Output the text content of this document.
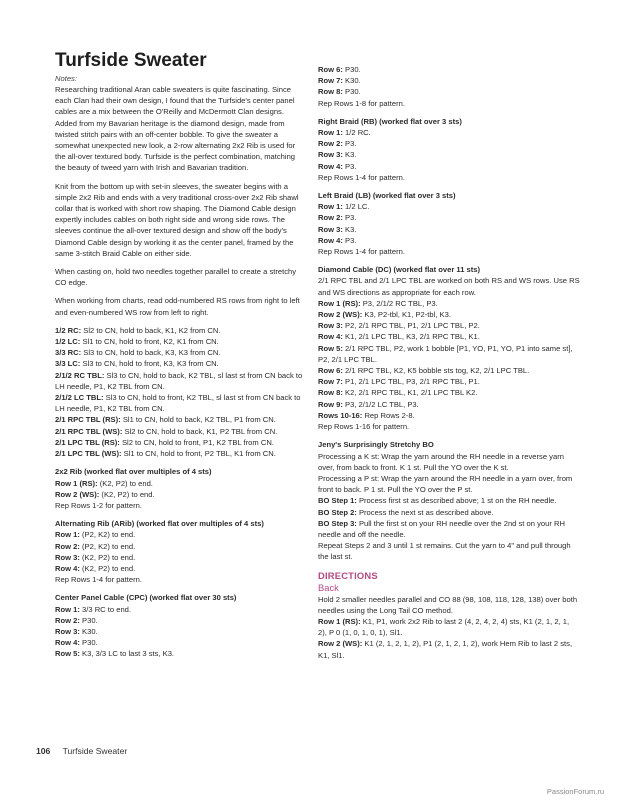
Turfside Sweater
Notes:

Researching traditional Aran cable sweaters is quite fascinating. Since each Clan had their own design, I found that the Turfside's center panel cables are a mix between the O'Reilly and McDermott Clan designs. Added from my Bavarian heritage is the diamond design, made from twisted stitch pairs with an off-center bobble. To give the sweater a somewhat unexpected new look, a 2-row alternating 2x2 Rib is used for the all-over textured body. Turfside is the perfect combination, matching the beauty of tweed yarn with Irish and Bavarian tradition.

Knit from the bottom up with set-in sleeves, the sweater begins with a simple 2x2 Rib and ends with a very traditional cross-over 2x2 Rib shawl collar that is worked with short row shaping. The Diamond Cable design expertly includes cables on both right side and wrong side rows. The sleeves continue the all-over textured design and show off the body's Diamond Cable design by working it as the center panel, framed by the same 3-stitch Braid Cable on either side.

When casting on, hold two needles together parallel to create a stretchy CO edge.

When working from charts, read odd-numbered RS rows from right to left and even-numbered WS row from left to right.

1/2 RC: Sl2 to CN, hold to back, K1, K2 from CN.
1/2 LC: Sl1 to CN, hold to front, K2, K1 from CN.
3/3 RC: Sl3 to CN, hold to back, K3, K3 from CN.
3/3 LC: Sl3 to CN, hold to front, K3, K3 from CN.
2/1/2 RC TBL: Sl3 to CN, hold to back, K2 TBL, sl last st from CN back to LH needle, P1, K2 TBL from CN.
2/1/2 LC TBL: Sl3 to CN, hold to front, K2 TBL, sl last st from CN back to LH needle, P1, K2 TBL from CN.
2/1 RPC TBL (RS): Sl1 to CN, hold to back, K2 TBL, P1 from CN.
2/1 RPC TBL (WS): Sl2 to CN, hold to back, K1, P2 TBL from CN.
2/1 LPC TBL (RS): Sl2 to CN, hold to front, P1, K2 TBL from CN.
2/1 LPC TBL (WS): Sl1 to CN, hold to front, P2 TBL, K1 from CN.
2x2 Rib (worked flat over multiples of 4 sts)
Row 1 (RS): (K2, P2) to end.
Row 2 (WS): (K2, P2) to end.
Rep Rows 1-2 for pattern.
Alternating Rib (ARib) (worked flat over multiples of 4 sts)
Row 1: (P2, K2) to end.
Row 2: (P2, K2) to end.
Row 3: (K2, P2) to end.
Row 4: (K2, P2) to end.
Rep Rows 1-4 for pattern.
Center Panel Cable (CPC) (worked flat over 30 sts)
Row 1: 3/3 RC to end.
Row 2: P30.
Row 3: K30.
Row 4: P30.
Row 5: K3, 3/3 LC to last 3 sts, K3.
Row 6: P30.
Row 7: K30.
Row 8: P30.
Rep Rows 1-8 for pattern.
Right Braid (RB) (worked flat over 3 sts)
Row 1: 1/2 RC.
Row 2: P3.
Row 3: K3.
Row 4: P3.
Rep Rows 1-4 for pattern.
Left Braid (LB) (worked flat over 3 sts)
Row 1: 1/2 LC.
Row 2: P3.
Row 3: K3.
Row 4: P3.
Rep Rows 1-4 for pattern.
Diamond Cable (DC) (worked flat over 11 sts)
2/1 RPC TBL and 2/1 LPC TBL are worked on both RS and WS rows. Use RS and WS directions as appropriate for each row.
Row 1 (RS): P3, 2/1/2 RC TBL, P3.
Row 2 (WS): K3, P2-tbl, K1, P2-tbl, K3.
Row 3: P2, 2/1 RPC TBL, P1, 2/1 LPC TBL, P2.
Row 4: K1, 2/1 LPC TBL, K3, 2/1 RPC TBL, K1.
Row 5: 2/1 RPC TBL, P2, work 1 bobble [P1, YO, P1, YO, P1 into same st], P2, 2/1 LPC TBL.
Row 6: 2/1 RPC TBL, K2, K5 bobble sts tog, K2, 2/1 LPC TBL.
Row 7: P1, 2/1 LPC TBL, P3, 2/1 RPC TBL, P1.
Row 8: K2, 2/1 RPC TBL, K1, 2/1 LPC TBL K2.
Row 9: P3, 2/1/2 LC TBL, P3.
Rows 10-16: Rep Rows 2-8.
Rep Rows 1-16 for pattern.
Jeny's Surprisingly Stretchy BO
Processing a K st: Wrap the yarn around the RH needle in a reverse yarn over, from back to front. K 1 st. Pull the YO over the K st.
Processing a P st: Wrap the yarn around the RH needle in a yarn over, from front to back. P 1 st. Pull the YO over the P st.
BO Step 1: Process first st as described above; 1 st on the RH needle.
BO Step 2: Process the next st as described above.
BO Step 3: Pull the first st on your RH needle over the 2nd st on your RH needle and off the needle.
Repeat Steps 2 and 3 until 1 st remains. Cut the yarn to 4" and pull through the last st.
DIRECTIONS
Back
Hold 2 smaller needles parallel and CO 88 (98, 108, 118, 128, 138) over both needles using the Long Tail CO method.
Row 1 (RS): K1, P1, work 2x2 Rib to last 2 (4, 2, 4, 2, 4) sts, K1 (2, 1, 2, 1, 2), P 0 (1, 0, 1, 0, 1), Sl1.
Row 2 (WS): K1 (2, 1, 2, 1, 2), P1 (2, 1, 2, 1, 2), work Hem Rib to last 2 sts, K1, Sl1.
106 Turfside Sweater
PassionForum.ru
